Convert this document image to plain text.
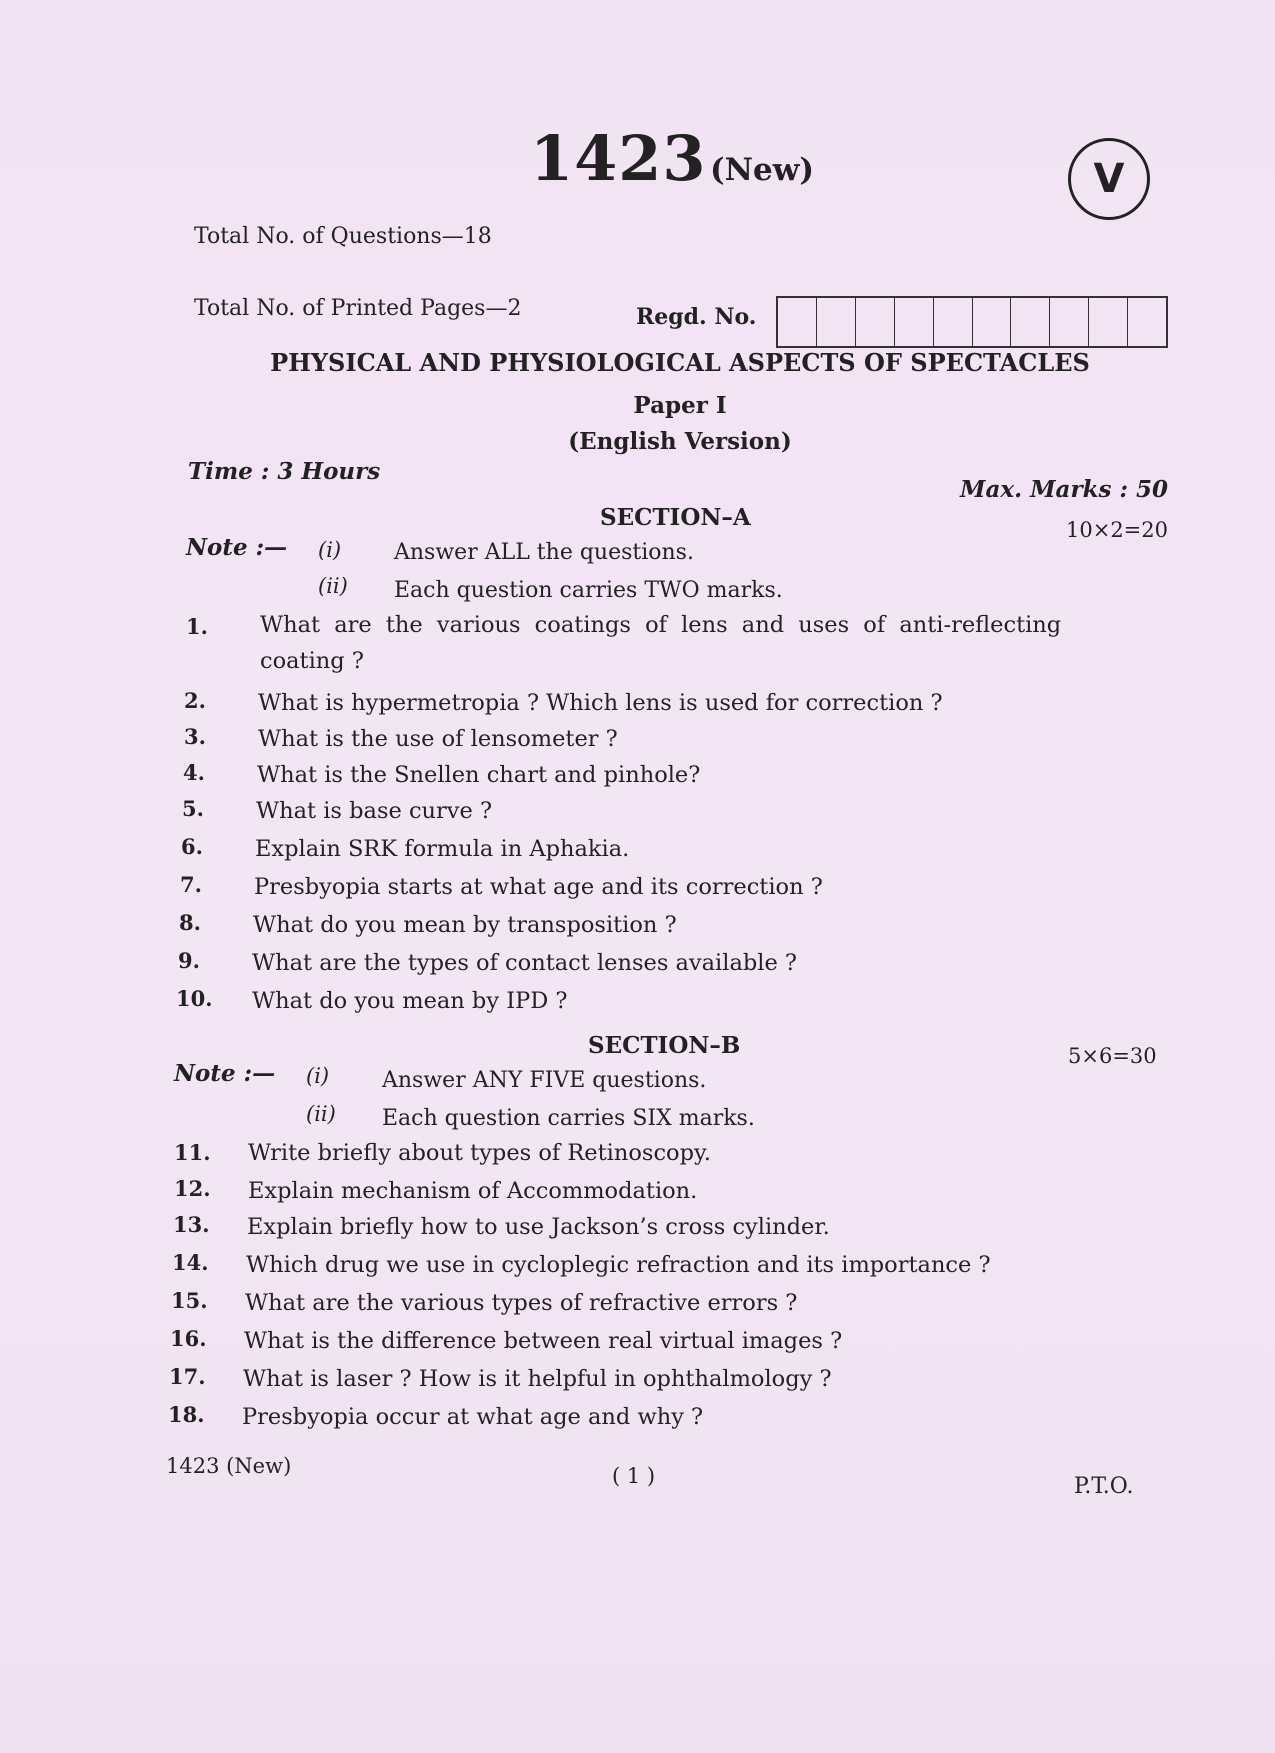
1423 (New)	V
Total No. of Questions—18
Total No. of Printed Pages—2	Regd. No.
PHYSICAL AND PHYSIOLOGICAL ASPECTS OF SPECTACLES
Paper I
(English Version)
Time : 3 Hours
Max. Marks : 50
SECTION–A	10×2=20
Note :— (i) Answer ALL the questions.
(ii) Each question carries TWO marks.
1. What are the various coatings of lens and uses of anti-reflecting
coating ?
2. What is hypermetropia ? Which lens is used for correction ?
3. What is the use of lensometer ?
4. What is the Snellen chart and pinhole?
5. What is base curve ?
6. Explain SRK formula in Aphakia.
7. Presbyopia starts at what age and its correction ?
8. What do you mean by transposition ?
9. What are the types of contact lenses available ?
10. What do you mean by IPD ?
SECTION–B	5×6=30
Note :— (i) Answer ANY FIVE questions.
(ii) Each question carries SIX marks.
11. Write briefly about types of Retinoscopy.
12. Explain mechanism of Accommodation.
13. Explain briefly how to use Jackson’s cross cylinder.
14. Which drug we use in cycloplegic refraction and its importance ?
15. What are the various types of refractive errors ?
16. What is the difference between real virtual images ?
17. What is laser ? How is it helpful in ophthalmology ?
18. Presbyopia occur at what age and why ?
1423 (New)	( 1 )	P.T.O.
